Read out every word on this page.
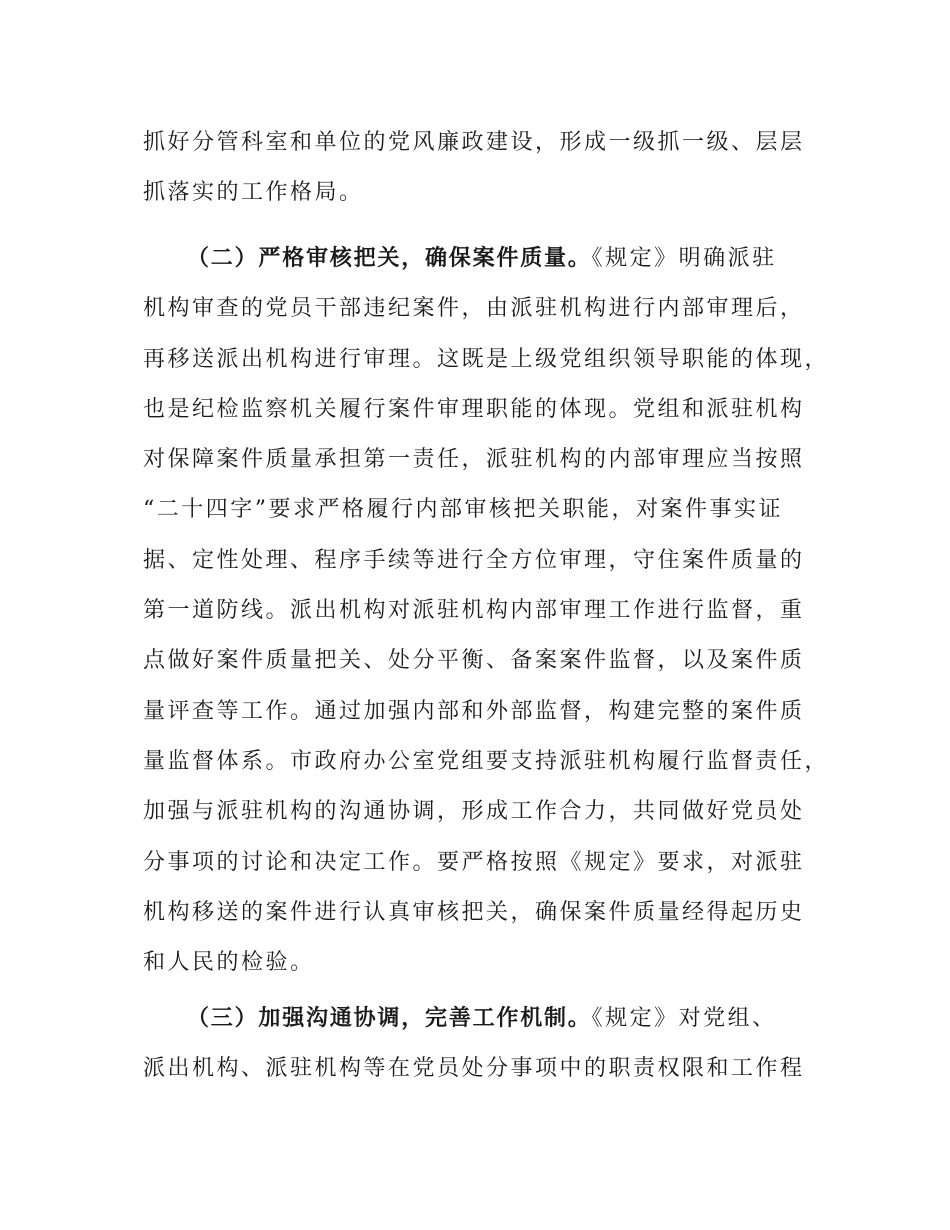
抓好分管科室和单位的党风廉政建设，形成一级抓一级、层层
抓落实的工作格局。
（二）严格审核把关，确保案件质量。《规定》明确派驻
机构审查的党员干部违纪案件，由派驻机构进行内部审理后，
再移送派出机构进行审理。这既是上级党组织领导职能的体现，
也是纪检监察机关履行案件审理职能的体现。党组和派驻机构
对保障案件质量承担第一责任，派驻机构的内部审理应当按照
“二十四字”要求严格履行内部审核把关职能，对案件事实证
据、定性处理、程序手续等进行全方位审理，守住案件质量的
第一道防线。派出机构对派驻机构内部审理工作进行监督，重
点做好案件质量把关、处分平衡、备案案件监督，以及案件质
量评查等工作。通过加强内部和外部监督，构建完整的案件质
量监督体系。市政府办公室党组要支持派驻机构履行监督责任，
加强与派驻机构的沟通协调，形成工作合力，共同做好党员处
分事项的讨论和决定工作。要严格按照《规定》要求，对派驻
机构移送的案件进行认真审核把关，确保案件质量经得起历史
和人民的检验。
（三）加强沟通协调，完善工作机制。《规定》对党组、
派出机构、派驻机构等在党员处分事项中的职责权限和工作程
